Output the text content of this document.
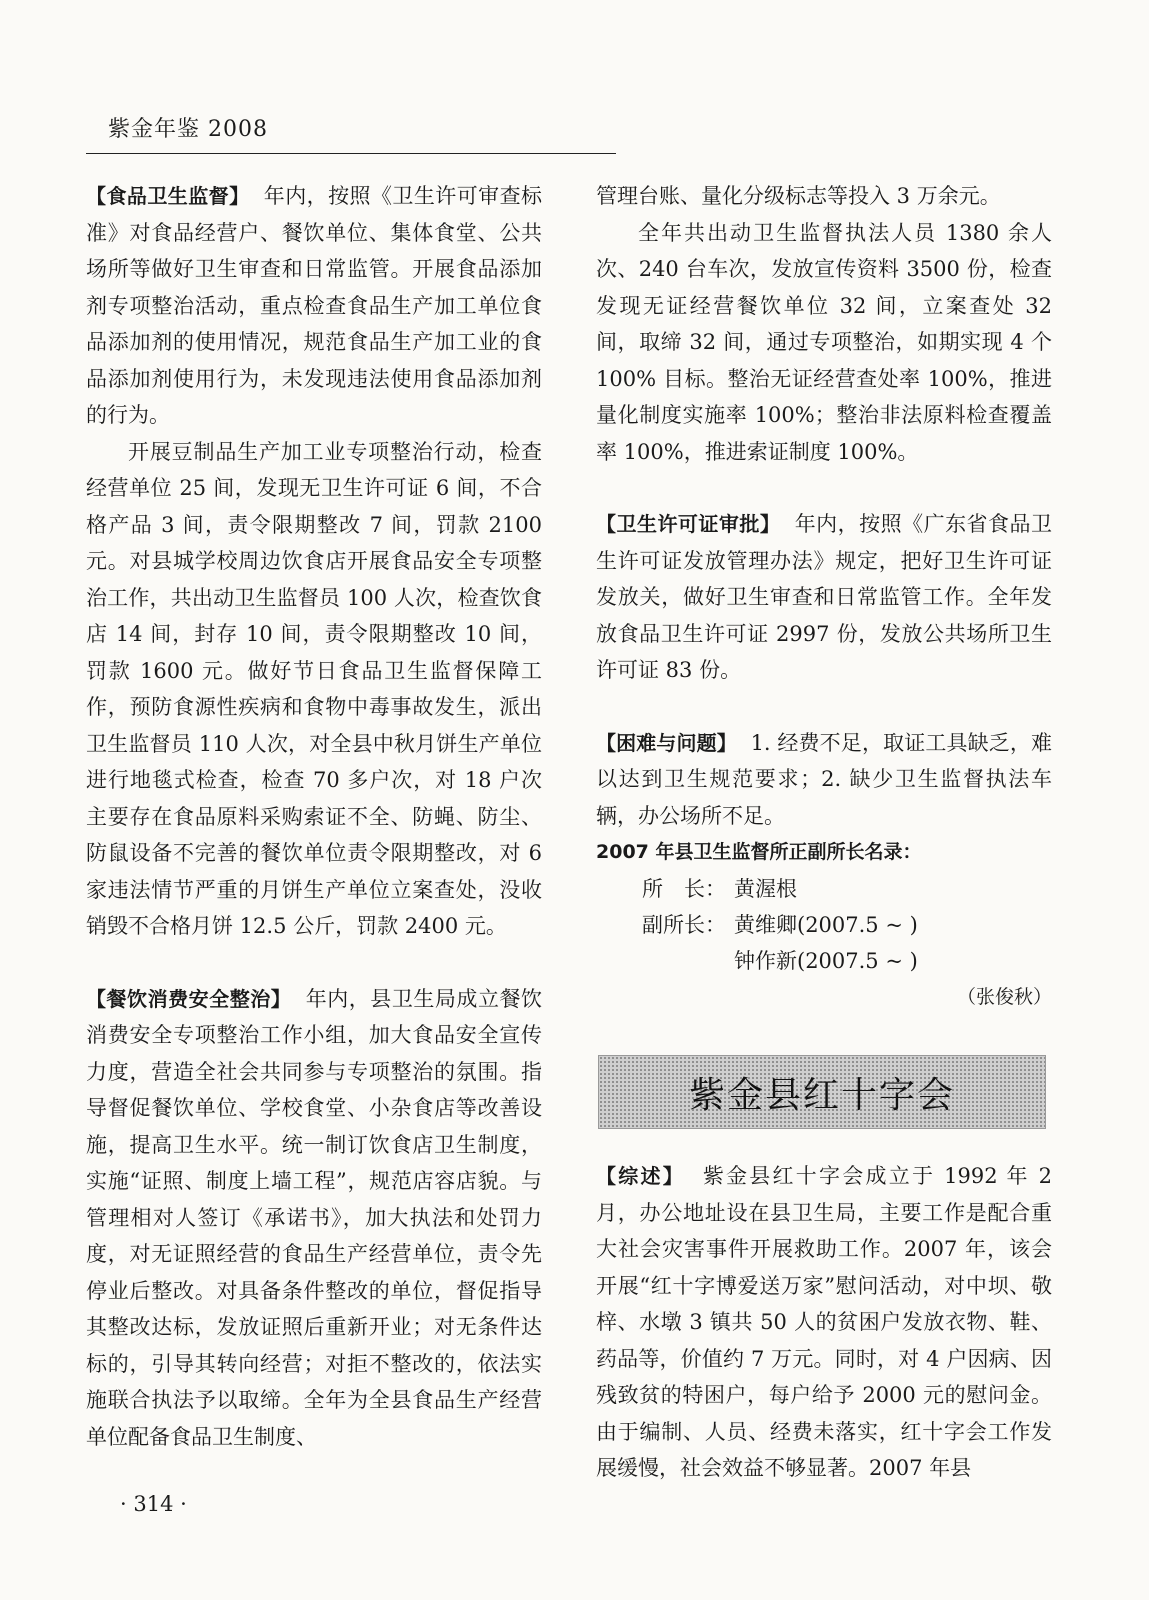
紫金年鉴 2008

【食品卫生监督】 年内，按照《卫生许可审查标准》对食品经营户、餐饮单位、集体食堂、公共场所等做好卫生审查和日常监管。开展食品添加剂专项整治活动，重点检查食品生产加工单位食品添加剂的使用情况，规范食品生产加工业的食品添加剂使用行为，未发现违法使用食品添加剂的行为。

开展豆制品生产加工业专项整治行动，检查经营单位 25 间，发现无卫生许可证 6 间，不合格产品 3 间，责令限期整改 7 间，罚款 2100 元。对县城学校周边饮食店开展食品安全专项整治工作，共出动卫生监督员 100 人次，检查饮食店 14 间，封存 10 间，责令限期整改 10 间，罚款 1600 元。做好节日食品卫生监督保障工作，预防食源性疾病和食物中毒事故发生，派出卫生监督员 110 人次，对全县中秋月饼生产单位进行地毯式检查，检查 70 多户次，对 18 户次主要存在食品原料采购索证不全、防蝇、防尘、防鼠设备不完善的餐饮单位责令限期整改，对 6 家违法情节严重的月饼生产单位立案查处，没收销毁不合格月饼 12.5 公斤，罚款 2400 元。

【餐饮消费安全整治】 年内，县卫生局成立餐饮消费安全专项整治工作小组，加大食品安全宣传力度，营造全社会共同参与专项整治的氛围。指导督促餐饮单位、学校食堂、小杂食店等改善设施，提高卫生水平。统一制订饮食店卫生制度，实施“证照、制度上墙工程”，规范店容店貌。与管理相对人签订《承诺书》，加大执法和处罚力度，对无证照经营的食品生产经营单位，责令先停业后整改。对具备条件整改的单位，督促指导其整改达标，发放证照后重新开业；对无条件达标的，引导其转向经营；对拒不整改的，依法实施联合执法予以取缔。全年为全县食品生产经营单位配备食品卫生制度、

管理台账、量化分级标志等投入 3 万余元。

全年共出动卫生监督执法人员 1380 余人次、240 台车次，发放宣传资料 3500 份，检查发现无证经营餐饮单位 32 间，立案查处 32 间，取缔 32 间，通过专项整治，如期实现 4 个 100% 目标。整治无证经营查处率 100%，推进量化制度实施率 100%；整治非法原料检查覆盖率 100%，推进索证制度 100%。

【卫生许可证审批】 年内，按照《广东省食品卫生许可证发放管理办法》规定，把好卫生许可证发放关，做好卫生审查和日常监管工作。全年发放食品卫生许可证 2997 份，发放公共场所卫生许可证 83 份。

【困难与问题】 1. 经费不足，取证工具缺乏，难以达到卫生规范要求；2. 缺少卫生监督执法车辆，办公场所不足。

2007 年县卫生监督所正副所长名录：

所　长： 黄渥根
副所长： 黄维卿(2007.5 ~ )
钟作新(2007.5 ~ )

（张俊秋）

紫金县红十字会

【综述】 紫金县红十字会成立于 1992 年 2 月，办公地址设在县卫生局，主要工作是配合重大社会灾害事件开展救助工作。2007 年，该会开展“红十字博爱送万家”慰问活动，对中坝、敬梓、水墩 3 镇共 50 人的贫困户发放衣物、鞋、药品等，价值约 7 万元。同时，对 4 户因病、因残致贫的特困户，每户给予 2000 元的慰问金。由于编制、人员、经费未落实，红十字会工作发展缓慢，社会效益不够显著。2007 年县

· 314 ·
